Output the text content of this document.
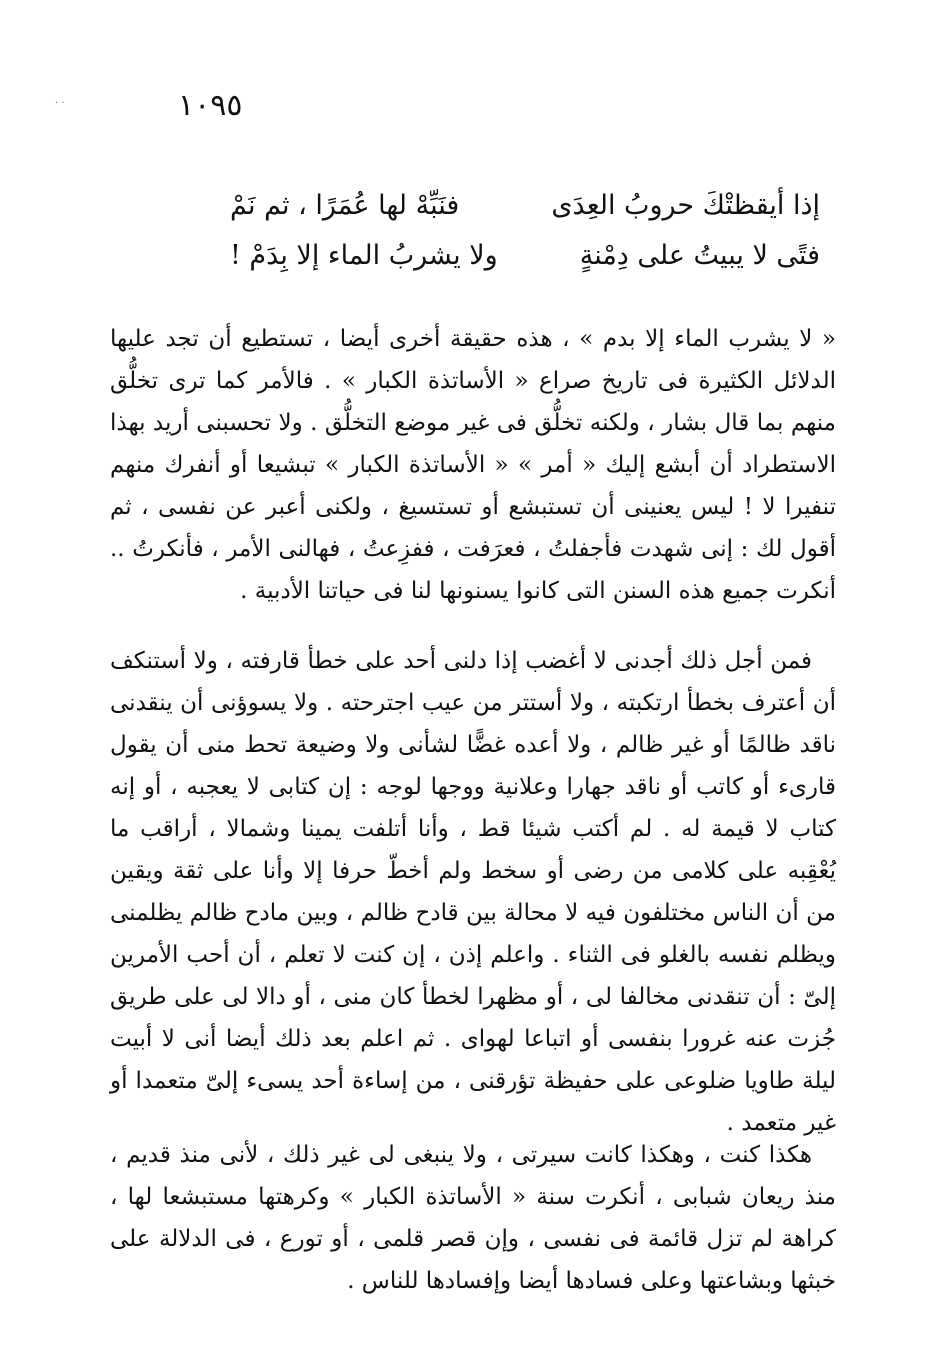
· ·	١٠٩٥
إذا أيقظتْكَ حروبُ العِدَى
فنَبِّهْ لها عُمَرًا ، ثم نَمْ
فتًى لا يبيتُ على دِمْنةٍ
ولا يشربُ الماء إلا بِدَمْ !

« لا يشرب الماء إلا بدم » ، هذه حقيقة أخرى أيضا ، تستطيع أن تجد عليها الدلائل الكثيرة فى تاريخ صراع « الأساتذة الكبار » . فالأمر كما ترى تخلُّق منهم بما قال بشار ، ولكنه تخلُّق فى غير موضع التخلُّق . ولا تحسبنى أريد بهذا الاستطراد أن أبشع إليك « أمر » « الأساتذة الكبار » تبشيعا أو أنفرك منهم تنفيرا لا ! ليس يعنينى أن تستبشع أو تستسيغ ، ولكنى أعبر عن نفسى ، ثم أقول لك : إنى شهدت فأجفلتُ ، فعرَفت ، ففزِعتُ ، فهالنى الأمر ، فأنكرتُ .. أنكرت جميع هذه السنن التى كانوا يسنونها لنا فى حياتنا الأدبية .

فمن أجل ذلك أجدنى لا أغضب إذا دلنى أحد على خطأ قارفته ، ولا أستنكف أن أعترف بخطأ ارتكبته ، ولا أستتر من عيب اجترحته . ولا يسوؤنى أن ينقدنى ناقد ظالمًا أو غير ظالم ، ولا أعده غضًّا لشأنى ولا وضيعة تحط منى أن يقول قارىء أو كاتب أو ناقد جهارا وعلانية ووجها لوجه : إن كتابى لا يعجبه ، أو إنه كتاب لا قيمة له . لم أكتب شيئا قط ، وأنا أتلفت يمينا وشمالا ، أراقب ما يُعْقِبه على كلامى من رضى أو سخط ولم أخطّ حرفا إلا وأنا على ثقة ويقين من أن الناس مختلفون فيه لا محالة بين قادح ظالم ، وبين مادح ظالم يظلمنى ويظلم نفسه بالغلو فى الثناء . واعلم إذن ، إن كنت لا تعلم ، أن أحب الأمرين إلىّ : أن تنقدنى مخالفا لى ، أو مظهرا لخطأ كان منى ، أو دالا لى على طريق جُزت عنه غرورا بنفسى أو اتباعا لهواى . ثم اعلم بعد ذلك أيضا أنى لا أبيت ليلة طاويا ضلوعى على حفيظة تؤرقنى ، من إساءة أحد يسىء إلىّ متعمدا أو غير متعمد .

هكذا كنت ، وهكذا كانت سيرتى ، ولا ينبغى لى غير ذلك ، لأنى منذ قديم ، منذ ريعان شبابى ، أنكرت سنة « الأساتذة الكبار » وكرهتها مستبشعا لها ، كراهة لم تزل قائمة فى نفسى ، وإن قصر قلمى ، أو تورع ، فى الدلالة على خبثها وبشاعتها وعلى فسادها أيضا وإفسادها للناس .
